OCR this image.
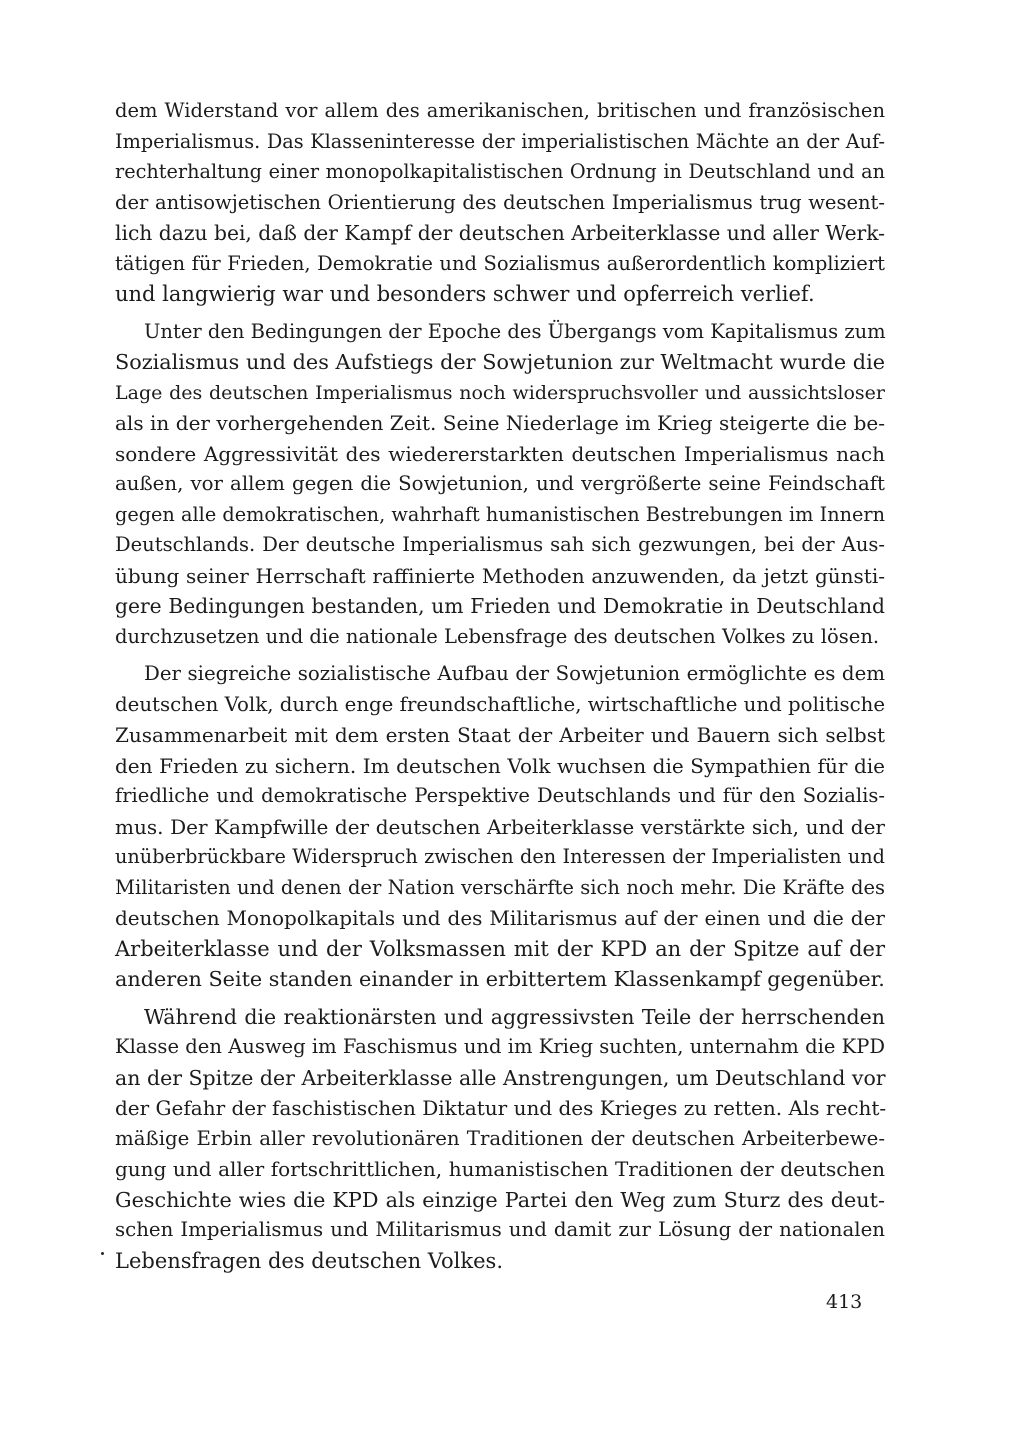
dem Widerstand vor allem des amerikanischen, britischen und französischen
Imperialismus. Das Klasseninteresse der imperialistischen Mächte an der Auf-
rechterhaltung einer monopolkapitalistischen Ordnung in Deutschland und an
der antisowjetischen Orientierung des deutschen Imperialismus trug wesent-
lich dazu bei, daß der Kampf der deutschen Arbeiterklasse und aller Werk-
tätigen für Frieden, Demokratie und Sozialismus außerordentlich kompliziert
und langwierig war und besonders schwer und opferreich verlief.
Unter den Bedingungen der Epoche des Übergangs vom Kapitalismus zum
Sozialismus und des Aufstiegs der Sowjetunion zur Weltmacht wurde die
Lage des deutschen Imperialismus noch widerspruchsvoller und aussichtsloser
als in der vorhergehenden Zeit. Seine Niederlage im Krieg steigerte die be-
sondere Aggressivität des wiedererstarkten deutschen Imperialismus nach
außen, vor allem gegen die Sowjetunion, und vergrößerte seine Feindschaft
gegen alle demokratischen, wahrhaft humanistischen Bestrebungen im Innern
Deutschlands. Der deutsche Imperialismus sah sich gezwungen, bei der Aus-
übung seiner Herrschaft raffinierte Methoden anzuwenden, da jetzt günsti-
gere Bedingungen bestanden, um Frieden und Demokratie in Deutschland
durchzusetzen und die nationale Lebensfrage des deutschen Volkes zu lösen.
Der siegreiche sozialistische Aufbau der Sowjetunion ermöglichte es dem
deutschen Volk, durch enge freundschaftliche, wirtschaftliche und politische
Zusammenarbeit mit dem ersten Staat der Arbeiter und Bauern sich selbst
den Frieden zu sichern. Im deutschen Volk wuchsen die Sympathien für die
friedliche und demokratische Perspektive Deutschlands und für den Sozialis-
mus. Der Kampfwille der deutschen Arbeiterklasse verstärkte sich, und der
unüberbrückbare Widerspruch zwischen den Interessen der Imperialisten und
Militaristen und denen der Nation verschärfte sich noch mehr. Die Kräfte des
deutschen Monopolkapitals und des Militarismus auf der einen und die der
Arbeiterklasse und der Volksmassen mit der KPD an der Spitze auf der
anderen Seite standen einander in erbittertem Klassenkampf gegenüber.
Während die reaktionärsten und aggressivsten Teile der herrschenden
Klasse den Ausweg im Faschismus und im Krieg suchten, unternahm die KPD
an der Spitze der Arbeiterklasse alle Anstrengungen, um Deutschland vor
der Gefahr der faschistischen Diktatur und des Krieges zu retten. Als recht-
mäßige Erbin aller revolutionären Traditionen der deutschen Arbeiterbewe-
gung und aller fortschrittlichen, humanistischen Traditionen der deutschen
Geschichte wies die KPD als einzige Partei den Weg zum Sturz des deut-
schen Imperialismus und Militarismus und damit zur Lösung der nationalen
Lebensfragen des deutschen Volkes.
413
